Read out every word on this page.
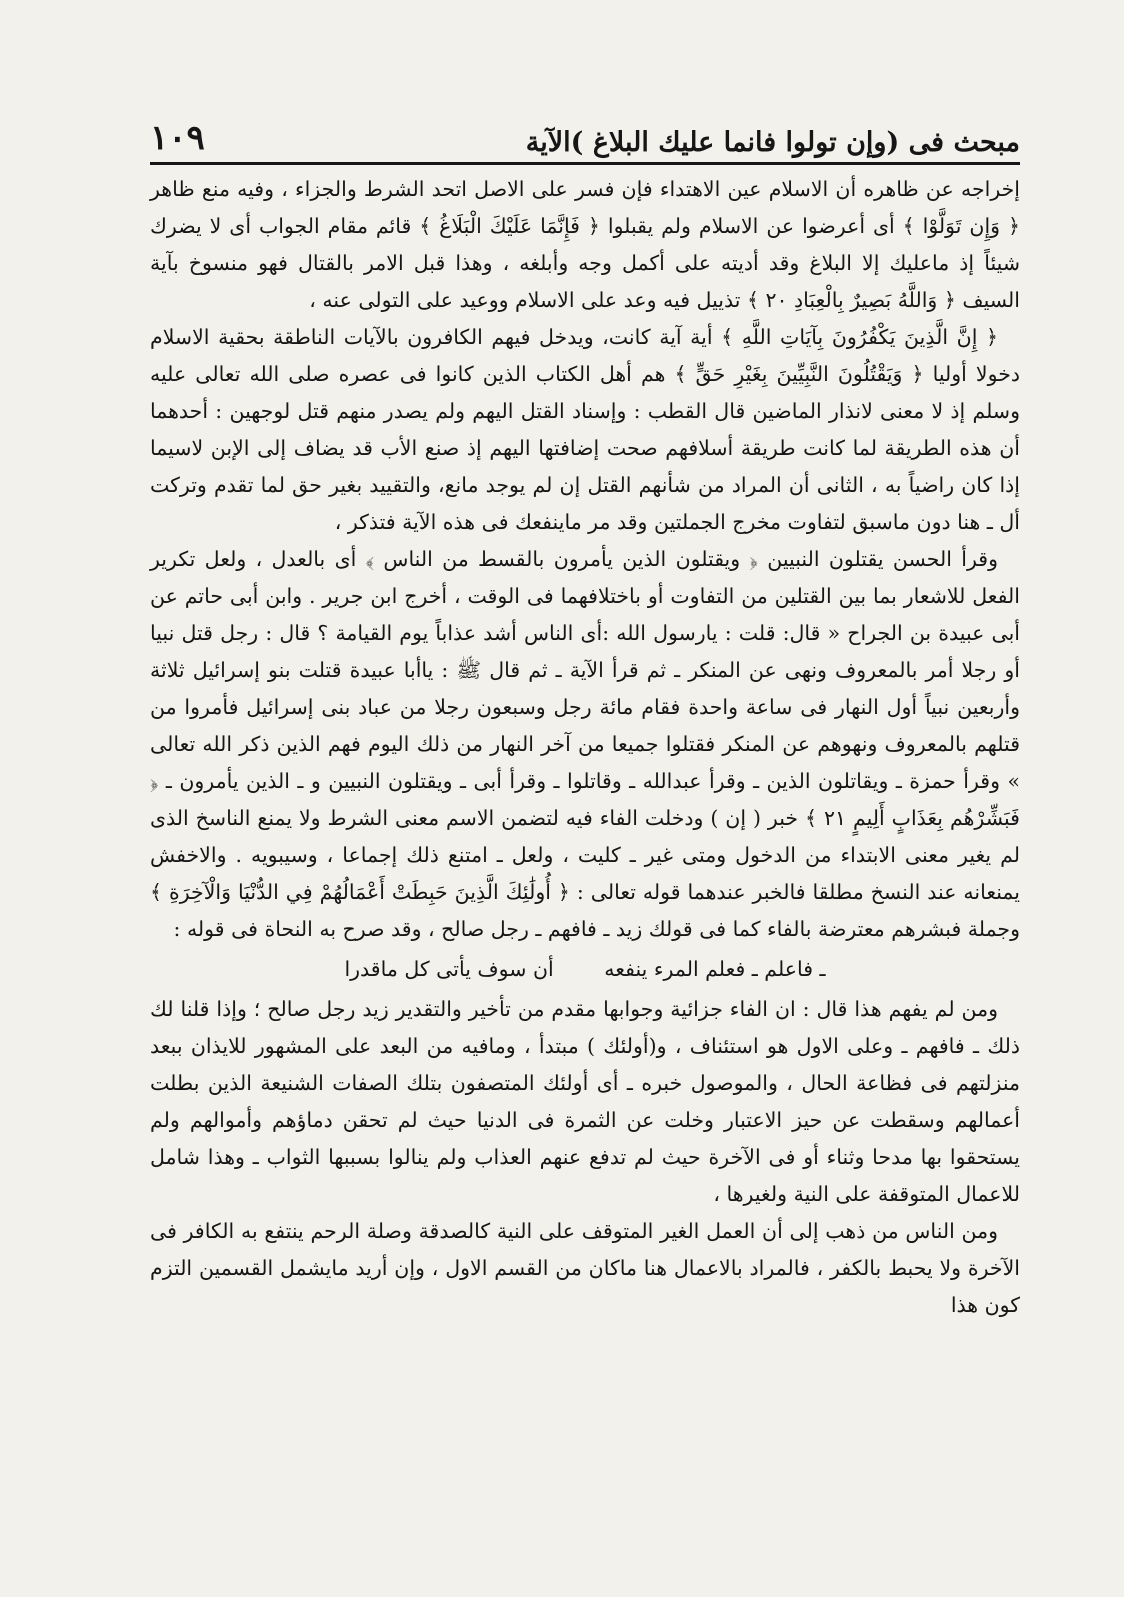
مبحث فى (وإن تولوا فانما عليك البلاغ )الآية
١٠٩

إخراجه عن ظاهره أن الاسلام عين الاهتداء فإن فسر على الاصل اتحد الشرط والجزاء ، وفيه منع ظاهر ﴿ وَإِن تَوَلَّوْا ﴾ أى أعرضوا عن الاسلام ولم يقبلوا ﴿ فَإِنَّمَا عَلَيْكَ الْبَلَاغُ ﴾ قائم مقام الجواب أى لا يضرك شيئاً إذ ماعليك إلا البلاغ وقد أديته على أكمل وجه وأبلغه ، وهذا قبل الامر بالقتال فهو منسوخ بآية السيف ﴿ وَاللَّهُ بَصِيرٌ بِالْعِبَادِ ٢٠ ﴾ تذييل فيه وعد على الاسلام ووعيد على التولى عنه ،

﴿ إِنَّ الَّذِينَ يَكْفُرُونَ بِآيَاتِ اللَّهِ ﴾ أية آية كانت، ويدخل فيهم الكافرون بالآيات الناطقة بحقية الاسلام دخولا أوليا ﴿ وَيَقْتُلُونَ النَّبِيِّينَ بِغَيْرِ حَقٍّ ﴾ هم أهل الكتاب الذين كانوا فى عصره صلى الله تعالى عليه وسلم إذ لا معنى لانذار الماضين قال القطب : وإسناد القتل اليهم ولم يصدر منهم قتل لوجهين : أحدهما أن هذه الطريقة لما كانت طريقة أسلافهم صحت إضافتها اليهم إذ صنع الأب قد يضاف إلى الإبن لاسيما إذا كان راضياً به ، الثانى أن المراد من شأنهم القتل إن لم يوجد مانع، والتقييد بغير حق لما تقدم وتركت أل ـ هنا دون ماسبق لتفاوت مخرج الجملتين وقد مر ماينفعك فى هذه الآية فتذكر ،

وقرأ الحسن يقتلون النبيين ﴿ ويقتلون الذين يأمرون بالقسط من الناس ﴾ أى بالعدل ، ولعل تكرير الفعل للاشعار بما بين القتلين من التفاوت أو باختلافهما فى الوقت ، أخرج ابن جرير . وابن أبى حاتم عن أبى عبيدة بن الجراح « قال: قلت : يارسول الله :أى الناس أشد عذاباً يوم القيامة ؟ قال : رجل قتل نبيا أو رجلا أمر بالمعروف ونهى عن المنكر ـ ثم قرأ الآية ـ ثم قال ﷺ : ياأبا عبيدة قتلت بنو إسرائيل ثلاثة وأربعين نبياً أول النهار فى ساعة واحدة فقام مائة رجل وسبعون رجلا من عباد بنى إسرائيل فأمروا من قتلهم بالمعروف ونهوهم عن المنكر فقتلوا جميعا من آخر النهار من ذلك اليوم فهم الذين ذكر الله تعالى » وقرأ حمزة ـ ويقاتلون الذين ـ وقرأ عبدالله ـ وقاتلوا ـ وقرأ أبى ـ ويقتلون النبيين و ـ الذين يأمرون ـ ﴿ فَبَشِّرْهُم بِعَذَابٍ أَلِيمٍ ٢١ ﴾ خبر ( إن ) ودخلت الفاء فيه لتضمن الاسم معنى الشرط ولا يمنع الناسخ الذى لم يغير معنى الابتداء من الدخول ومتى غير ـ كليت ، ولعل ـ امتنع ذلك إجماعا ، وسيبويه . والاخفش يمنعانه عند النسخ مطلقا فالخبر عندهما قوله تعالى : ﴿ أُولَٰئِكَ الَّذِينَ حَبِطَتْ أَعْمَالُهُمْ فِي الدُّنْيَا وَالْآخِرَةِ ﴾ وجملة فبشرهم معترضة بالفاء كما فى قولك زيد ـ فافهم ـ رجل صالح ، وقد صرح به النحاة فى قوله :

ـ فاعلم ـ فعلم المرء ينفعه أن سوف يأتى كل ماقدرا

ومن لم يفهم هذا قال : ان الفاء جزائية وجوابها مقدم من تأخير والتقدير زيد رجل صالح ؛ وإذا قلنا لك ذلك ـ فافهم ـ وعلى الاول هو استئناف ، و(أولئك ) مبتدأ ، ومافيه من البعد على المشهور للايذان ببعد منزلتهم فى فظاعة الحال ، والموصول خبره ـ أى أولئك المتصفون بتلك الصفات الشنيعة الذين بطلت أعمالهم وسقطت عن حيز الاعتبار وخلت عن الثمرة فى الدنيا حيث لم تحقن دماؤهم وأموالهم ولم يستحقوا بها مدحا وثناء أو فى الآخرة حيث لم تدفع عنهم العذاب ولم ينالوا بسببها الثواب ـ وهذا شامل للاعمال المتوقفة على النية ولغيرها ،

ومن الناس من ذهب إلى أن العمل الغير المتوقف على النية كالصدقة وصلة الرحم ينتفع به الكافر فى الآخرة ولا يحبط بالكفر ، فالمراد بالاعمال هنا ماكان من القسم الاول ، وإن أريد مايشمل القسمين التزم كون هذا
